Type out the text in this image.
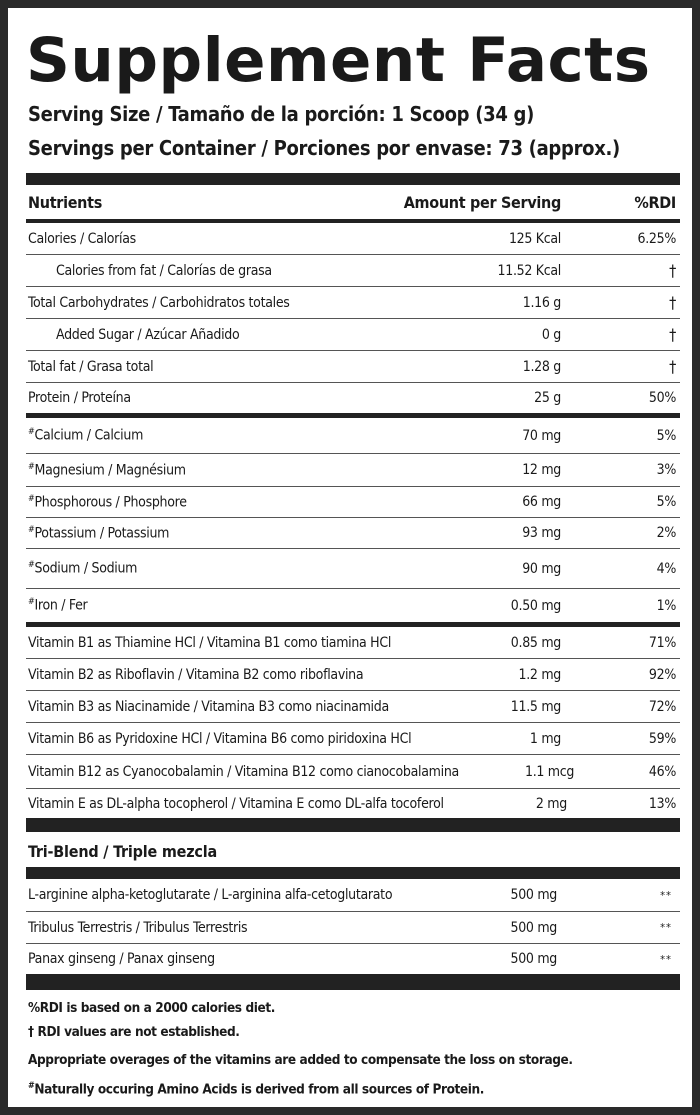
Supplement Facts
Serving Size / Tamaño de la porción: 1 Scoop (34 g)
Servings per Container / Porciones por envase: 73 (approx.)
Nutrients	Amount per Serving	%RDI
Calories / Calorías	125 Kcal	6.25%
Calories from fat / Calorías de grasa	11.52 Kcal	†
Total Carbohydrates / Carbohidratos totales	1.16 g	†
Added Sugar / Azúcar Añadido	0 g	†
Total fat / Grasa total	1.28 g	†
Protein / Proteína	25 g	50%
#Calcium / Calcium	70 mg	5%
#Magnesium / Magnésium	12 mg	3%
#Phosphorous / Phosphore	66 mg	5%
#Potassium / Potassium	93 mg	2%
#Sodium / Sodium	90 mg	4%
#Iron / Fer	0.50 mg	1%
Vitamin B1 as Thiamine HCl / Vitamina B1 como tiamina HCl	0.85 mg	71%
Vitamin B2 as Riboflavin / Vitamina B2 como riboflavina	1.2 mg	92%
Vitamin B3 as Niacinamide / Vitamina B3 como niacinamida	11.5 mg	72%
Vitamin B6 as Pyridoxine HCl / Vitamina B6 como piridoxina HCl	1 mg	59%
Vitamin B12 as Cyanocobalamin / Vitamina B12 como cianocobalamina	1.1 mcg	46%
Vitamin E as DL-alpha tocopherol / Vitamina E como DL-alfa tocoferol	2 mg	13%
Tri-Blend / Triple mezcla
L-arginine alpha-ketoglutarate / L-arginina alfa-cetoglutarato	500 mg	**
Tribulus Terrestris / Tribulus Terrestris	500 mg	**
Panax ginseng / Panax ginseng	500 mg	**
%RDI is based on a 2000 calories diet.
† RDI values are not established.
Appropriate overages of the vitamins are added to compensate the loss on storage.
#Naturally occuring Amino Acids is derived from all sources of Protein.
